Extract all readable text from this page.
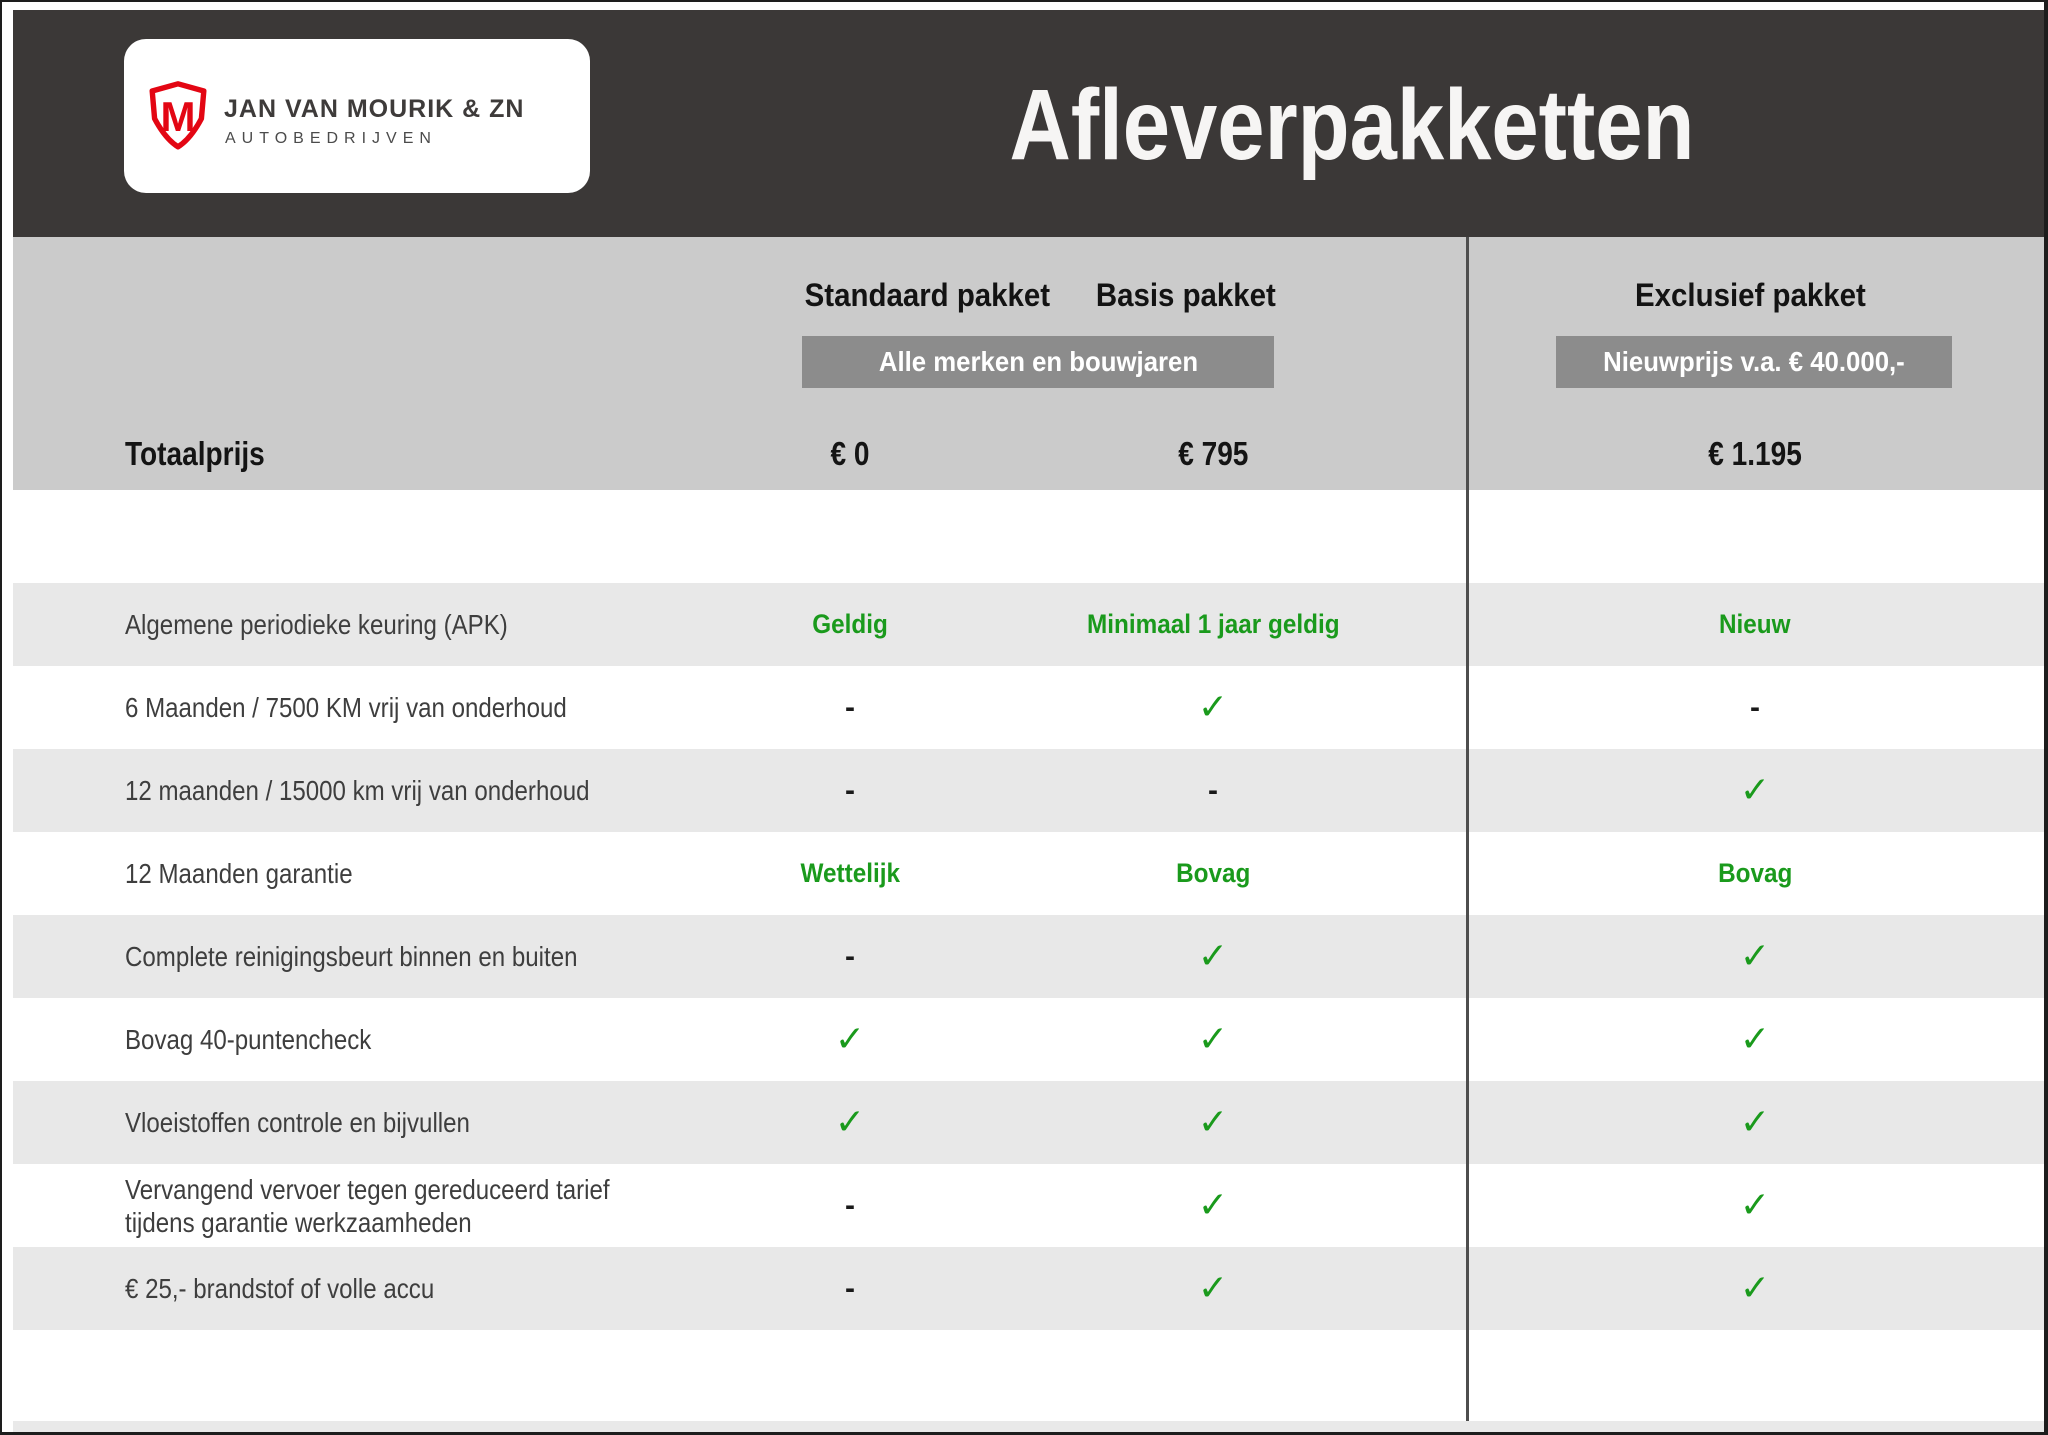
M JAN VAN MOURIK & ZN
AUTOBEDRIJVEN	Afleverpakketten
Standaard pakket	Basis pakket	Exclusief pakket
Alle merken en bouwjaren	Nieuwprijs v.a. € 40.000,-
Totaalprijs	€ 0	€ 795	€ 1.195
Algemene periodieke keuring (APK)	Geldig	Minimaal 1 jaar geldig	Nieuw
6 Maanden / 7500 KM vrij van onderhoud	-	✓	-
12 maanden / 15000 km vrij van onderhoud	-	-	✓
12 Maanden garantie	Wettelijk	Bovag	Bovag
Complete reinigingsbeurt binnen en buiten	-	✓	✓
Bovag 40-puntencheck	✓	✓	✓
Vloeistoffen controle en bijvullen	✓	✓	✓
Vervangend vervoer tegen gereduceerd tarief
tijdens garantie werkzaamheden
-	✓	✓
€ 25,- brandstof of volle accu	-	✓	✓
